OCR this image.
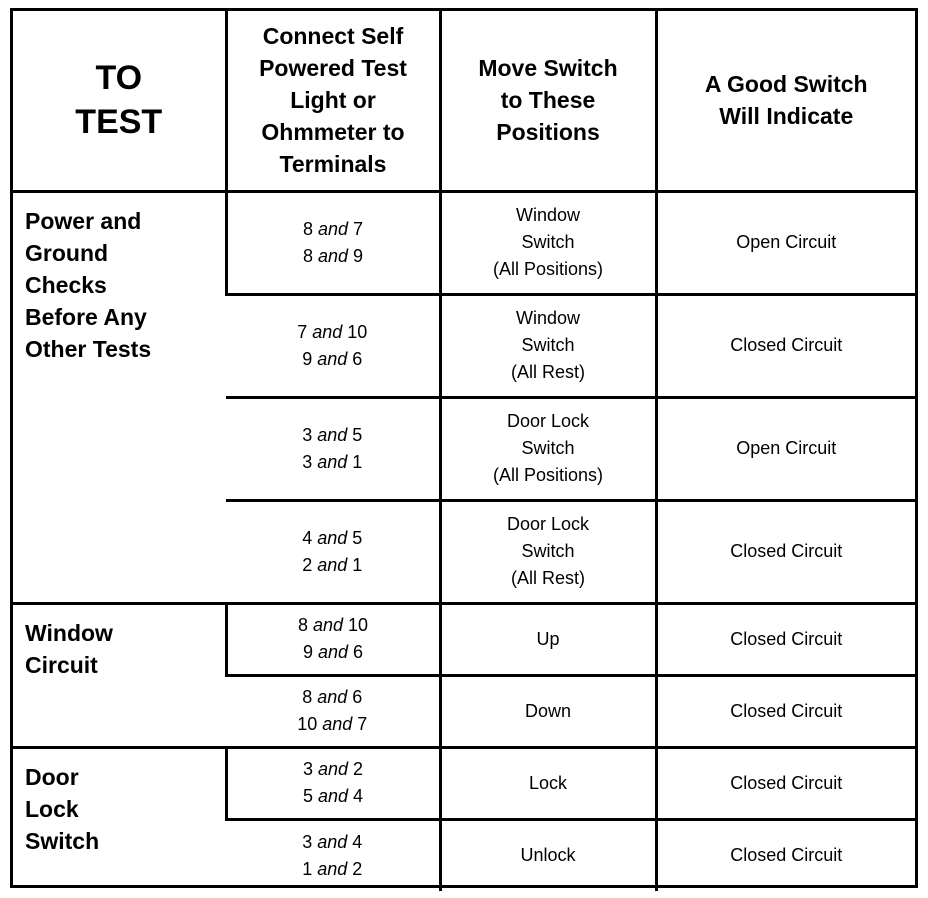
TO
TEST	Connect Self
Powered Test
Light or
Ohmmeter to
Terminals	Move Switch
to These
Positions	A Good Switch
Will Indicate

Power and
Ground
Checks
Before Any
Other Tests	8 and 7
8 and 9	Window
Switch
(All Positions)	Open Circuit

	7 and 10
9 and 6	Window
Switch
(All Rest)	Closed Circuit

	3 and 5
3 and 1	Door Lock
Switch
(All Positions)	Open Circuit

	4 and 5
2 and 1	Door Lock
Switch
(All Rest)	Closed Circuit

Window
Circuit	8 and 10
9 and 6	Up	Closed Circuit

	8 and 6
10 and 7	Down	Closed Circuit

Door
Lock
Switch	3 and 2
5 and 4	Lock	Closed Circuit

	3 and 4
1 and 2	Unlock	Closed Circuit
